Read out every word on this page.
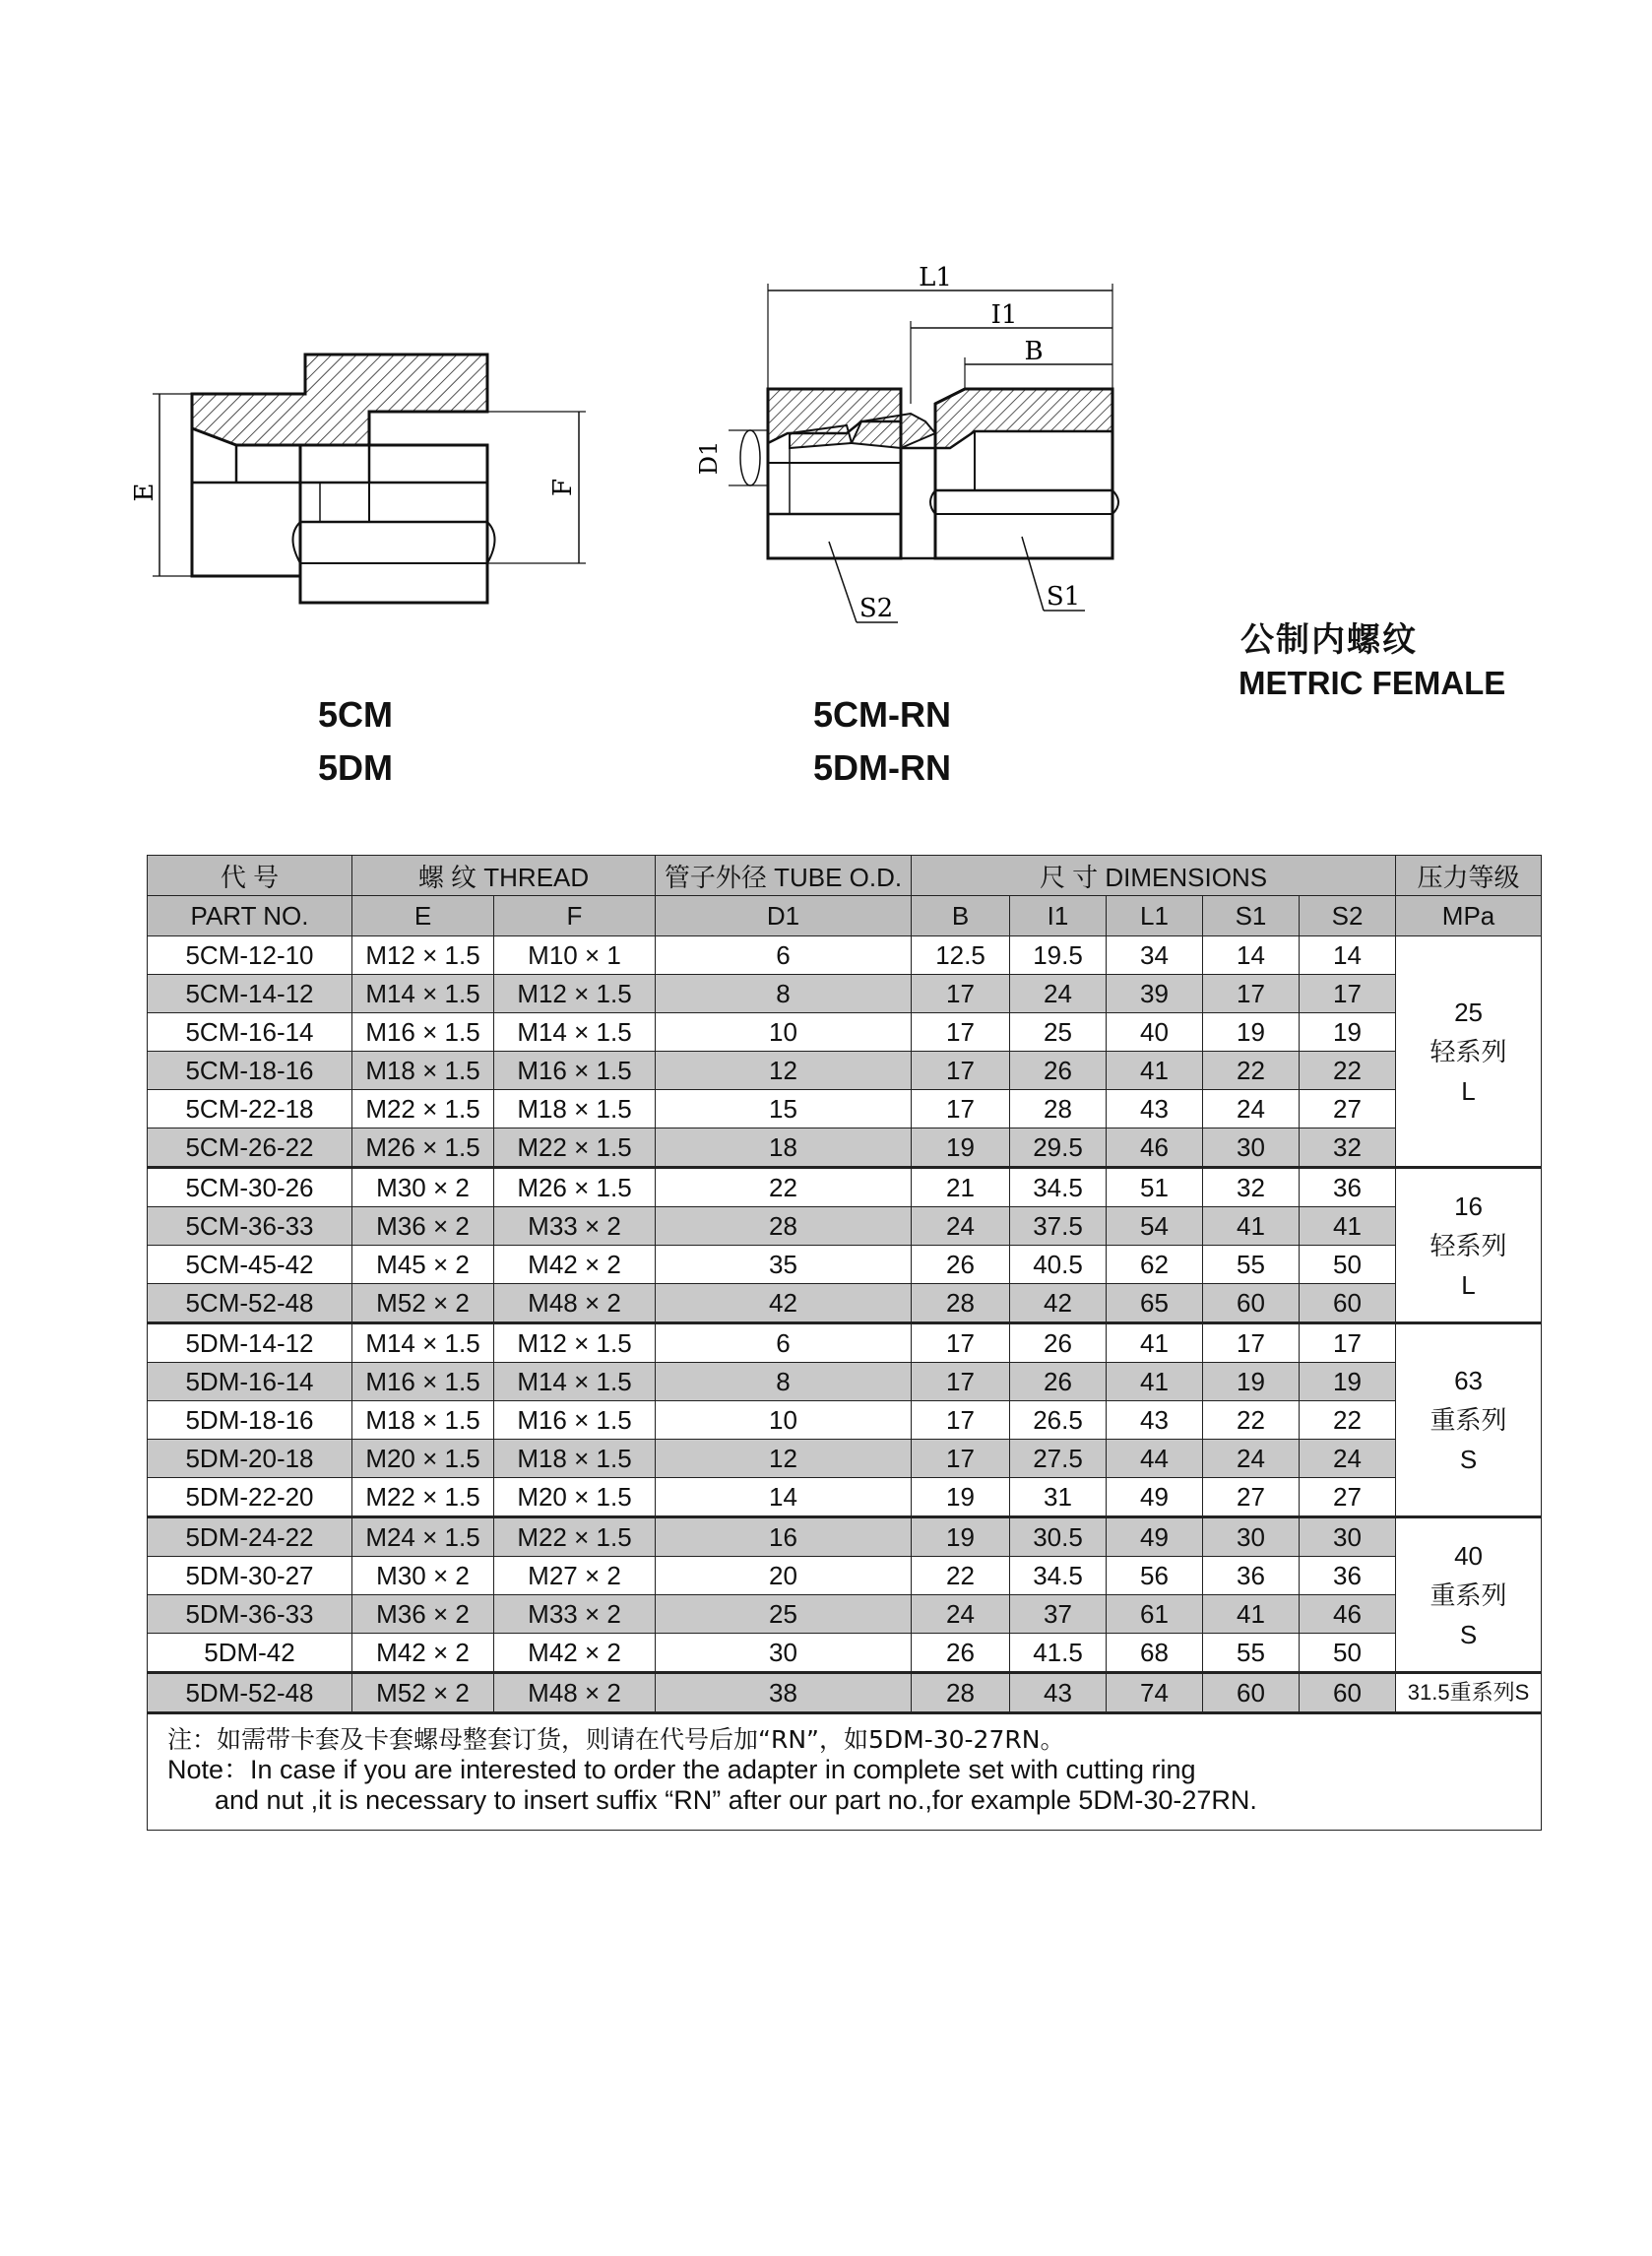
E	F
L1
I1
B
D1
S2	S1
5CM
5DM
5CM-RN
5DM-RN
公制内螺纹
METRIC FEMALE
代 号	螺 纹 THREAD		管子外径 TUBE O.D.	尺 寸 DIMENSIONS					压力等级
PART NO.	E	F	D1	B	I1	L1	S1	S2	MPa
5CM-12-10	M12 × 1.5	M10 × 1	6	12.5	19.5	34	14	14	25
轻系列
L

5CM-14-12	M14 × 1.5	M12 × 1.5	8	17	24	39	17	17	
5CM-16-14	M16 × 1.5	M14 × 1.5	10	17	25	40	19	19	
5CM-18-16	M18 × 1.5	M16 × 1.5	12	17	26	41	22	22	
5CM-22-18	M22 × 1.5	M18 × 1.5	15	17	28	43	24	27	
5CM-26-22	M26 × 1.5	M22 × 1.5	18	19	29.5	46	30	32	
5CM-30-26	M30 × 2	M26 × 1.5	22	21	34.5	51	32	36	16
轻系列
L

5CM-36-33	M36 × 2	M33 × 2	28	24	37.5	54	41	41	
5CM-45-42	M45 × 2	M42 × 2	35	26	40.5	62	55	50	
5CM-52-48	M52 × 2	M48 × 2	42	28	42	65	60	60	
5DM-14-12	M14 × 1.5	M12 × 1.5	6	17	26	41	17	17	63
重系列
S

5DM-16-14	M16 × 1.5	M14 × 1.5	8	17	26	41	19	19	
5DM-18-16	M18 × 1.5	M16 × 1.5	10	17	26.5	43	22	22	
5DM-20-18	M20 × 1.5	M18 × 1.5	12	17	27.5	44	24	24	
5DM-22-20	M22 × 1.5	M20 × 1.5	14	19	31	49	27	27	
5DM-24-22	M24 × 1.5	M22 × 1.5	16	19	30.5	49	30	30	40
重系列
S

5DM-30-27	M30 × 2	M27 × 2	20	22	34.5	56	36	36	
5DM-36-33	M36 × 2	M33 × 2	25	24	37	61	41	46	
5DM-42	M42 × 2	M42 × 2	30	26	41.5	68	55	50	
5DM-52-48	M52 × 2	M48 × 2	38	28	43	74	60	60	31.5重系列S

注：如需带卡套及卡套螺母整套订货，则请在代号后加“RN”，如5DM-30-27RN。
Note：In case if you are interested to order the adapter in complete set with cutting ring
and nut ,it is necessary to insert suffix “RN” after our part no.,for example 5DM-30-27RN.									
